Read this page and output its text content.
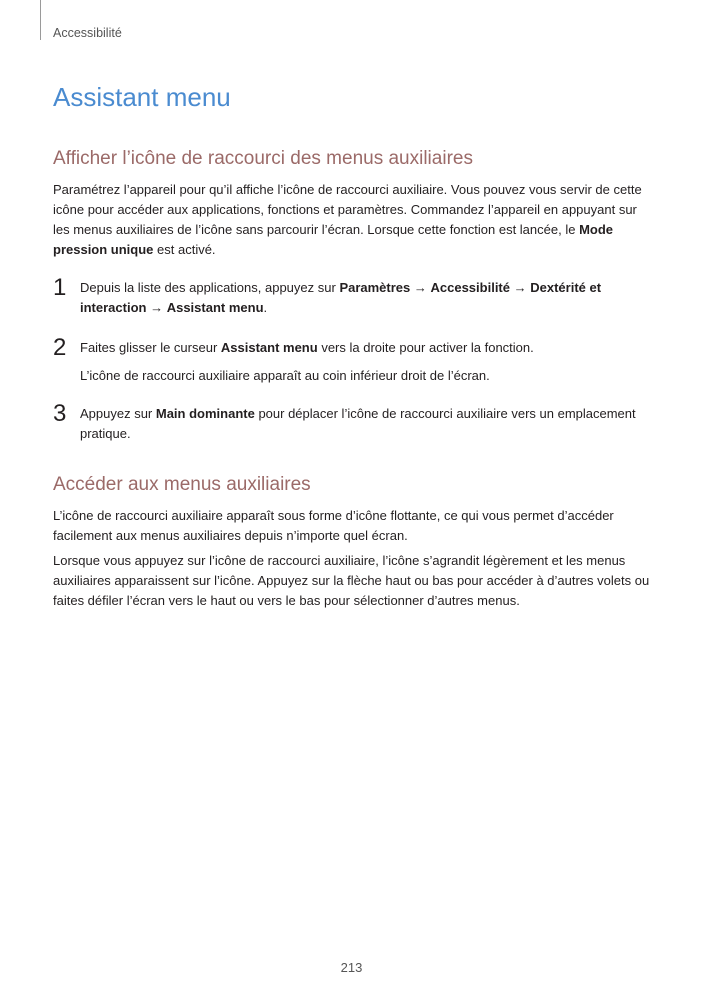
Accessibilité
Assistant menu
Afficher l’icône de raccourci des menus auxiliaires

Paramétrez l’appareil pour qu’il affiche l’icône de raccourci auxiliaire. Vous pouvez vous servir de cette icône pour accéder aux applications, fonctions et paramètres. Commandez l’appareil en appuyant sur les menus auxiliaires de l’icône sans parcourir l’écran. Lorsque cette fonction est lancée, le Mode pression unique est activé.

1	Depuis la liste des applications, appuyez sur Paramètres → Accessibilité → Dextérité et interaction → Assistant menu.

2	Faites glisser le curseur Assistant menu vers la droite pour activer la fonction.

L’icône de raccourci auxiliaire apparaît au coin inférieur droit de l’écran.

3	Appuyez sur Main dominante pour déplacer l’icône de raccourci auxiliaire vers un emplacement pratique.

Accéder aux menus auxiliaires

L’icône de raccourci auxiliaire apparaît sous forme d’icône flottante, ce qui vous permet d’accéder facilement aux menus auxiliaires depuis n’importe quel écran.

Lorsque vous appuyez sur l’icône de raccourci auxiliaire, l’icône s’agrandit légèrement et les menus auxiliaires apparaissent sur l’icône. Appuyez sur la flèche haut ou bas pour accéder à d’autres volets ou faites défiler l’écran vers le haut ou vers le bas pour sélectionner d’autres menus.

213
